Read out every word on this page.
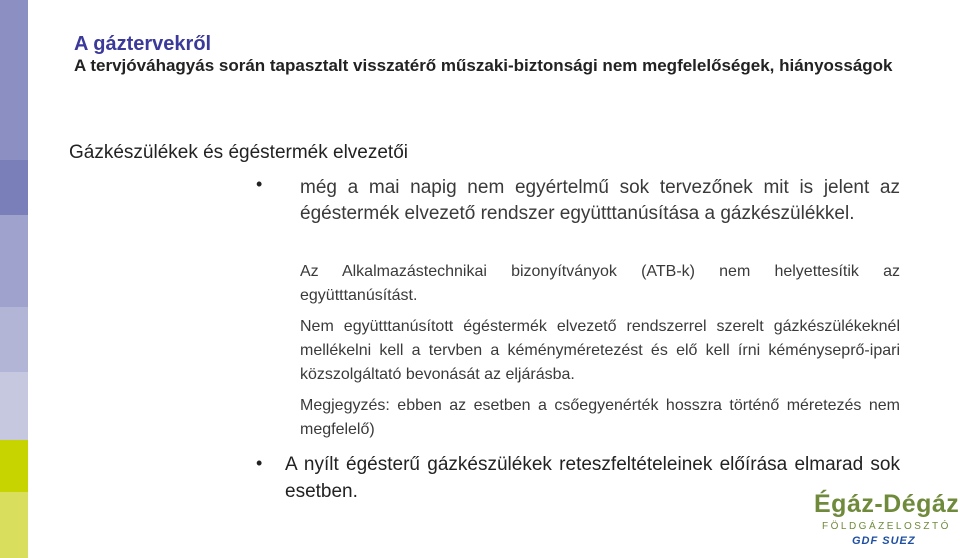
A gáztervekről
A tervjóváhagyás során tapasztalt visszatérő műszaki-biztonsági nem megfelelőségek, hiányosságok
Gázkészülékek és égéstermék elvezetői
• még a mai napig nem egyértelmű sok tervezőnek mit is jelent az égéstermék elvezető rendszer együtttanúsítása a gázkészülékkel.
Az Alkalmazástechnikai bizonyítványok (ATB-k) nem helyettesítik az együtttanúsítást.
Nem együtttanúsított égéstermék elvezető rendszerrel szerelt gázkészülékeknél mellékelni kell a tervben a kéményméretezést és elő kell írni kéményseprő-ipari közszolgáltató bevonását az eljárásba.
Megjegyzés: ebben az esetben a csőegyenérték hosszra történő méretezés nem megfelelő)
• A nyílt égésterű gázkészülékek reteszfeltételeinek előírása elmarad sok esetben.	Égáz-Dégáz
FÖLDGÁZELOSZTÓ
GDF SUEZ
